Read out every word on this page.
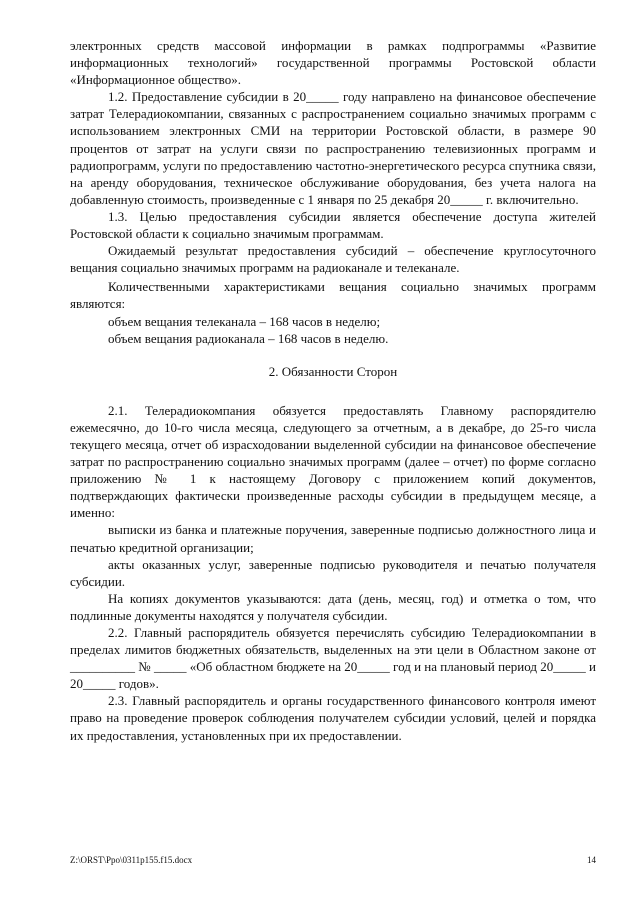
электронных средств массовой информации в рамках подпрограммы «Развитие информационных технологий» государственной программы Ростовской области «Информационное общество».

1.2. Предоставление субсидии в 20_____ году направлено на финансовое обеспечение затрат Телерадиокомпании, связанных с распространением социально значимых программ с использованием электронных СМИ на территории Ростовской области, в размере 90 процентов от затрат на услуги связи по распространению телевизионных программ и радиопрограмм, услуги по предоставлению частотно-энергетического ресурса спутника связи, на аренду оборудования, техническое обслуживание оборудования, без учета налога на добавленную стоимость, произведенные с 1 января по 25 декабря 20_____ г. включительно.

1.3. Целью предоставления субсидии является обеспечение доступа жителей Ростовской области к социально значимым программам.

Ожидаемый результат предоставления субсидий – обеспечение круглосуточного вещания социально значимых программ на радиоканале и телеканале.

Количественными характеристиками вещания социально значимых программ являются:

объем вещания телеканала – 168 часов в неделю;

объем вещания радиоканала – 168 часов в неделю.

2. Обязанности Сторон

2.1. Телерадиокомпания обязуется предоставлять Главному распорядителю ежемесячно, до 10-го числа месяца, следующего за отчетным, а в декабре, до 25-го числа текущего месяца, отчет об израсходовании выделенной субсидии на финансовое обеспечение затрат по распространению социально значимых программ (далее – отчет) по форме согласно приложению № 1 к настоящему Договору с приложением копий документов, подтверждающих фактически произведенные расходы субсидии в предыдущем месяце, а именно:

выписки из банка и платежные поручения, заверенные подписью должностного лица и печатью кредитной организации;

акты оказанных услуг, заверенные подписью руководителя и печатью получателя субсидии.

На копиях документов указываются: дата (день, месяц, год) и отметка о том, что подлинные документы находятся у получателя субсидии.

2.2. Главный распорядитель обязуется перечислять субсидию Телерадиокомпании в пределах лимитов бюджетных обязательств, выделенных на эти цели в Областном законе от __________ № _____ «Об областном бюджете на 20_____ год и на плановый период 20_____ и 20_____ годов».

2.3. Главный распорядитель и органы государственного финансового контроля имеют право на проведение проверок соблюдения получателем субсидии условий, целей и порядка их предоставления, установленных при их предоставлении.

Z:\ORST\Ppo\0311p155.f15.docx	14
